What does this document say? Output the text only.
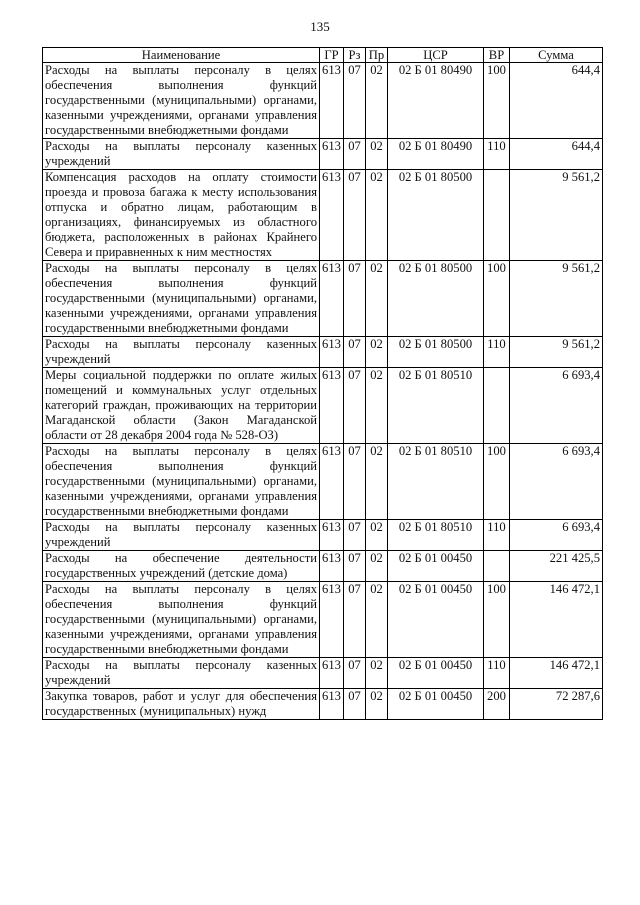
135
Наименование	ГР	Рз	Пр	ЦСР	ВР	Сумма
Расходы на выплаты персоналу в целях обеспечения выполнения функций государственными (муниципальными) органами, казенными учреждениями, органами управления государственными внебюджетными фондами	613	07	02	02 Б 01 80490	100	644,4
Расходы на выплаты персоналу казенных учреждений	613	07	02	02 Б 01 80490	110	644,4
Компенсация расходов на оплату стоимости проезда и провоза багажа к месту использования отпуска и обратно лицам, работающим в организациях, финансируемых из областного бюджета, расположенных в районах Крайнего Севера и приравненных к ним местностях	613	07	02	02 Б 01 80500		9 561,2
Расходы на выплаты персоналу в целях обеспечения выполнения функций государственными (муниципальными) органами, казенными учреждениями, органами управления государственными внебюджетными фондами	613	07	02	02 Б 01 80500	100	9 561,2
Расходы на выплаты персоналу казенных учреждений	613	07	02	02 Б 01 80500	110	9 561,2
Меры социальной поддержки по оплате жилых помещений и коммунальных услуг отдельных категорий граждан, проживающих на территории Магаданской области (Закон Магаданской области от 28 декабря 2004 года № 528-ОЗ)	613	07	02	02 Б 01 80510		6 693,4
Расходы на выплаты персоналу в целях обеспечения выполнения функций государственными (муниципальными) органами, казенными учреждениями, органами управления государственными внебюджетными фондами	613	07	02	02 Б 01 80510	100	6 693,4
Расходы на выплаты персоналу казенных учреждений	613	07	02	02 Б 01 80510	110	6 693,4
Расходы на обеспечение деятельности государственных учреждений (детские дома)	613	07	02	02 Б 01 00450		221 425,5
Расходы на выплаты персоналу в целях обеспечения выполнения функций государственными (муниципальными) органами, казенными учреждениями, органами управления государственными внебюджетными фондами	613	07	02	02 Б 01 00450	100	146 472,1
Расходы на выплаты персоналу казенных учреждений	613	07	02	02 Б 01 00450	110	146 472,1
Закупка товаров, работ и услуг для обеспечения государственных (муниципальных) нужд	613	07	02	02 Б 01 00450	200	72 287,6
